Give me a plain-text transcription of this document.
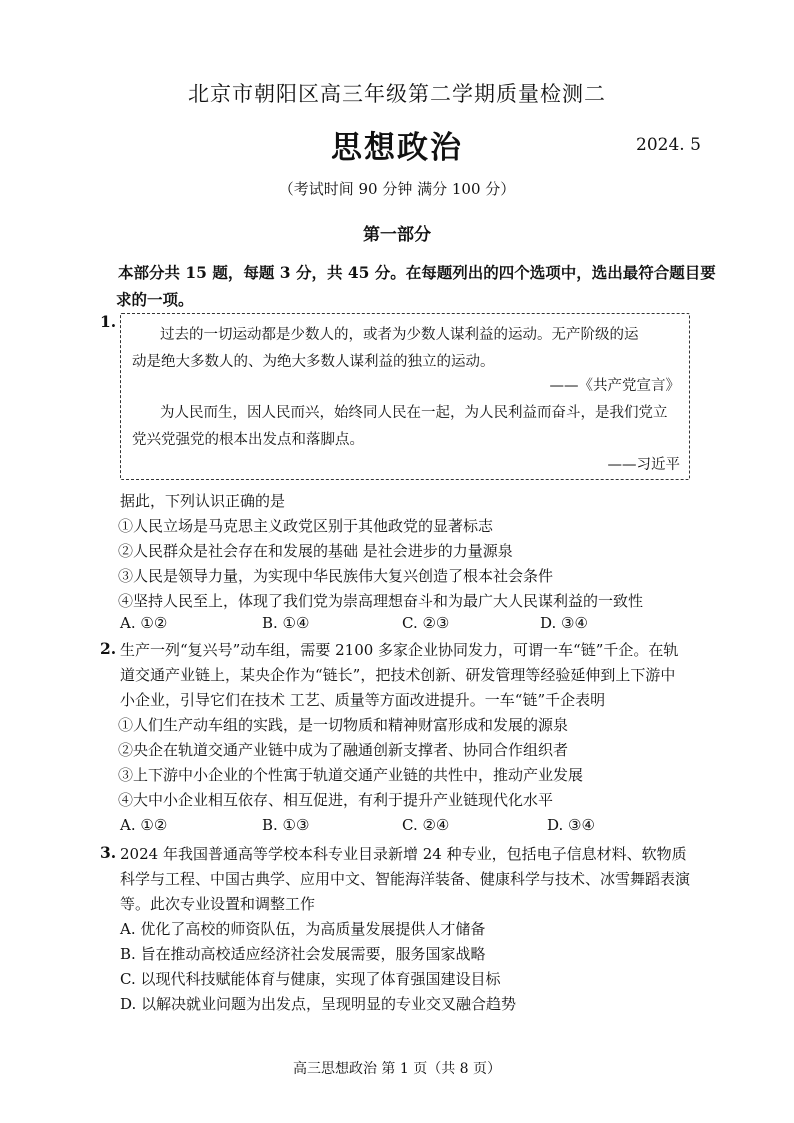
北京市朝阳区高三年级第二学期质量检测二
思想政治	2024. 5
（考试时间 90 分钟 满分 100 分）
第一部分
本部分共 15 题，每题 3 分，共 45 分。在每题列出的四个选项中，选出最符合题目要
求的一项。
1.
过去的一切运动都是少数人的，或者为少数人谋利益的运动。无产阶级的运
动是绝大多数人的、为绝大多数人谋利益的独立的运动。
——《共产党宣言》
为人民而生，因人民而兴，始终同人民在一起，为人民利益而奋斗，是我们党立
党兴党强党的根本出发点和落脚点。
——习近平
据此，下列认识正确的是
①人民立场是马克思主义政党区别于其他政党的显著标志
②人民群众是社会存在和发展的基础 是社会进步的力量源泉
③人民是领导力量，为实现中华民族伟大复兴创造了根本社会条件
④坚持人民至上，体现了我们党为崇高理想奋斗和为最广大人民谋利益的一致性
A. ①②	B. ①④	C. ②③	D. ③④
2. 生产一列“复兴号”动车组，需要 2100 多家企业协同发力，可谓一车“链”千企。在轨
道交通产业链上，某央企作为“链长”，把技术创新、研发管理等经验延伸到上下游中
小企业，引导它们在技术 工艺、质量等方面改进提升。一车“链”千企表明
①人们生产动车组的实践，是一切物质和精神财富形成和发展的源泉
②央企在轨道交通产业链中成为了融通创新支撑者、协同合作组织者
③上下游中小企业的个性寓于轨道交通产业链的共性中，推动产业发展
④大中小企业相互依存、相互促进，有利于提升产业链现代化水平
A. ①②	B. ①③	C. ②④	D. ③④
3. 2024 年我国普通高等学校本科专业目录新增 24 种专业，包括电子信息材料、软物质
科学与工程、中国古典学、应用中文、智能海洋装备、健康科学与技术、冰雪舞蹈表演
等。此次专业设置和调整工作
A. 优化了高校的师资队伍，为高质量发展提供人才储备
B. 旨在推动高校适应经济社会发展需要，服务国家战略
C. 以现代科技赋能体育与健康，实现了体育强国建设目标
D. 以解决就业问题为出发点，呈现明显的专业交叉融合趋势
高三思想政治 第 1 页（共 8 页）
